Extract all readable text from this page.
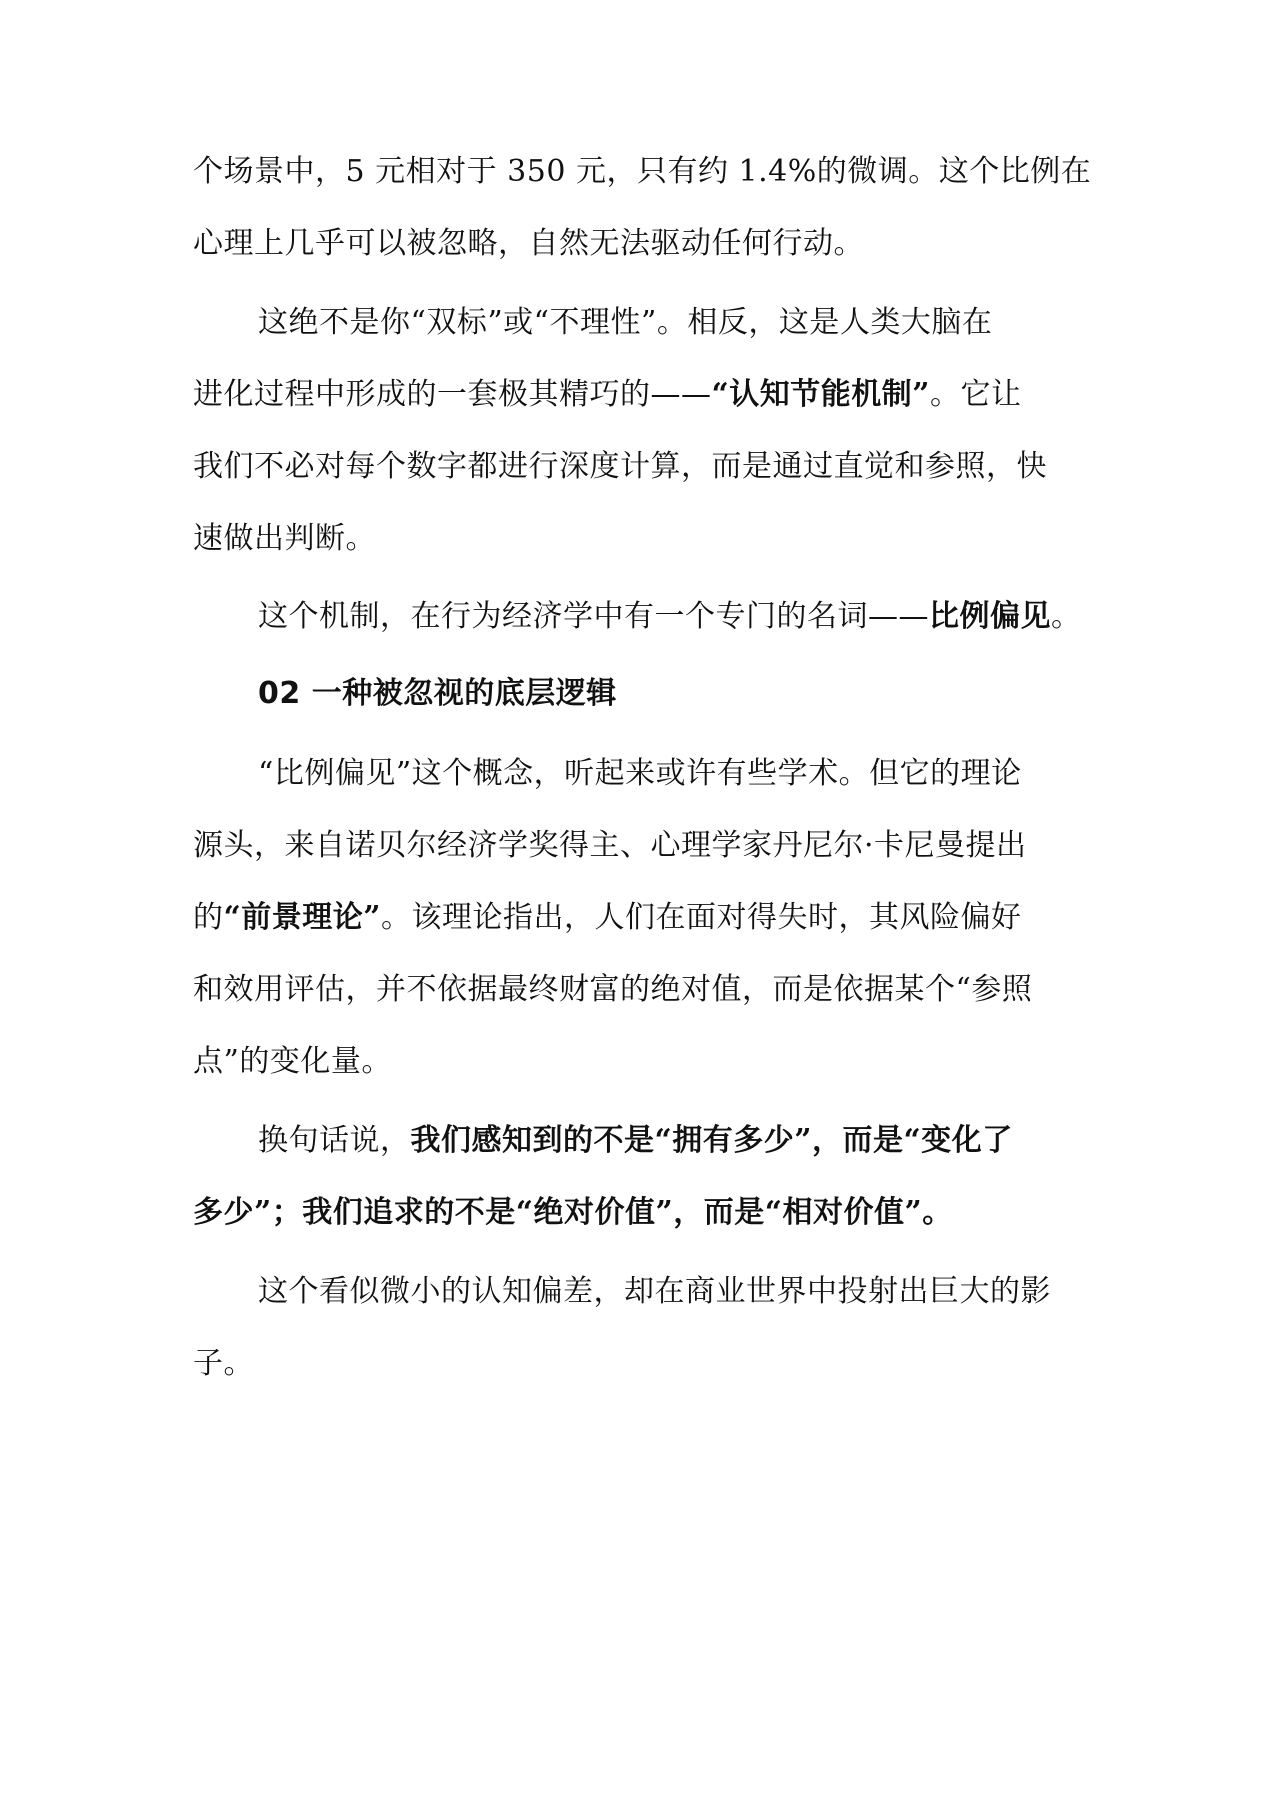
个场景中，5 元相对于 350 元，只有约 1.4%的微调。这个比例在
心理上几乎可以被忽略，自然无法驱动任何行动。
这绝不是你“双标”或“不理性”。相反，这是人类大脑在
进化过程中形成的一套极其精巧的——“认知节能机制”。它让
我们不必对每个数字都进行深度计算，而是通过直觉和参照，快
速做出判断。
这个机制，在行为经济学中有一个专门的名词——比例偏见。
02 一种被忽视的底层逻辑
“比例偏见”这个概念，听起来或许有些学术。但它的理论
源头，来自诺贝尔经济学奖得主、心理学家丹尼尔·卡尼曼提出
的“前景理论”。该理论指出，人们在面对得失时，其风险偏好
和效用评估，并不依据最终财富的绝对值，而是依据某个“参照
点”的变化量。
换句话说，我们感知到的不是“拥有多少”，而是“变化了
多少”；我们追求的不是“绝对价值”，而是“相对价值”。
这个看似微小的认知偏差，却在商业世界中投射出巨大的影
子。
